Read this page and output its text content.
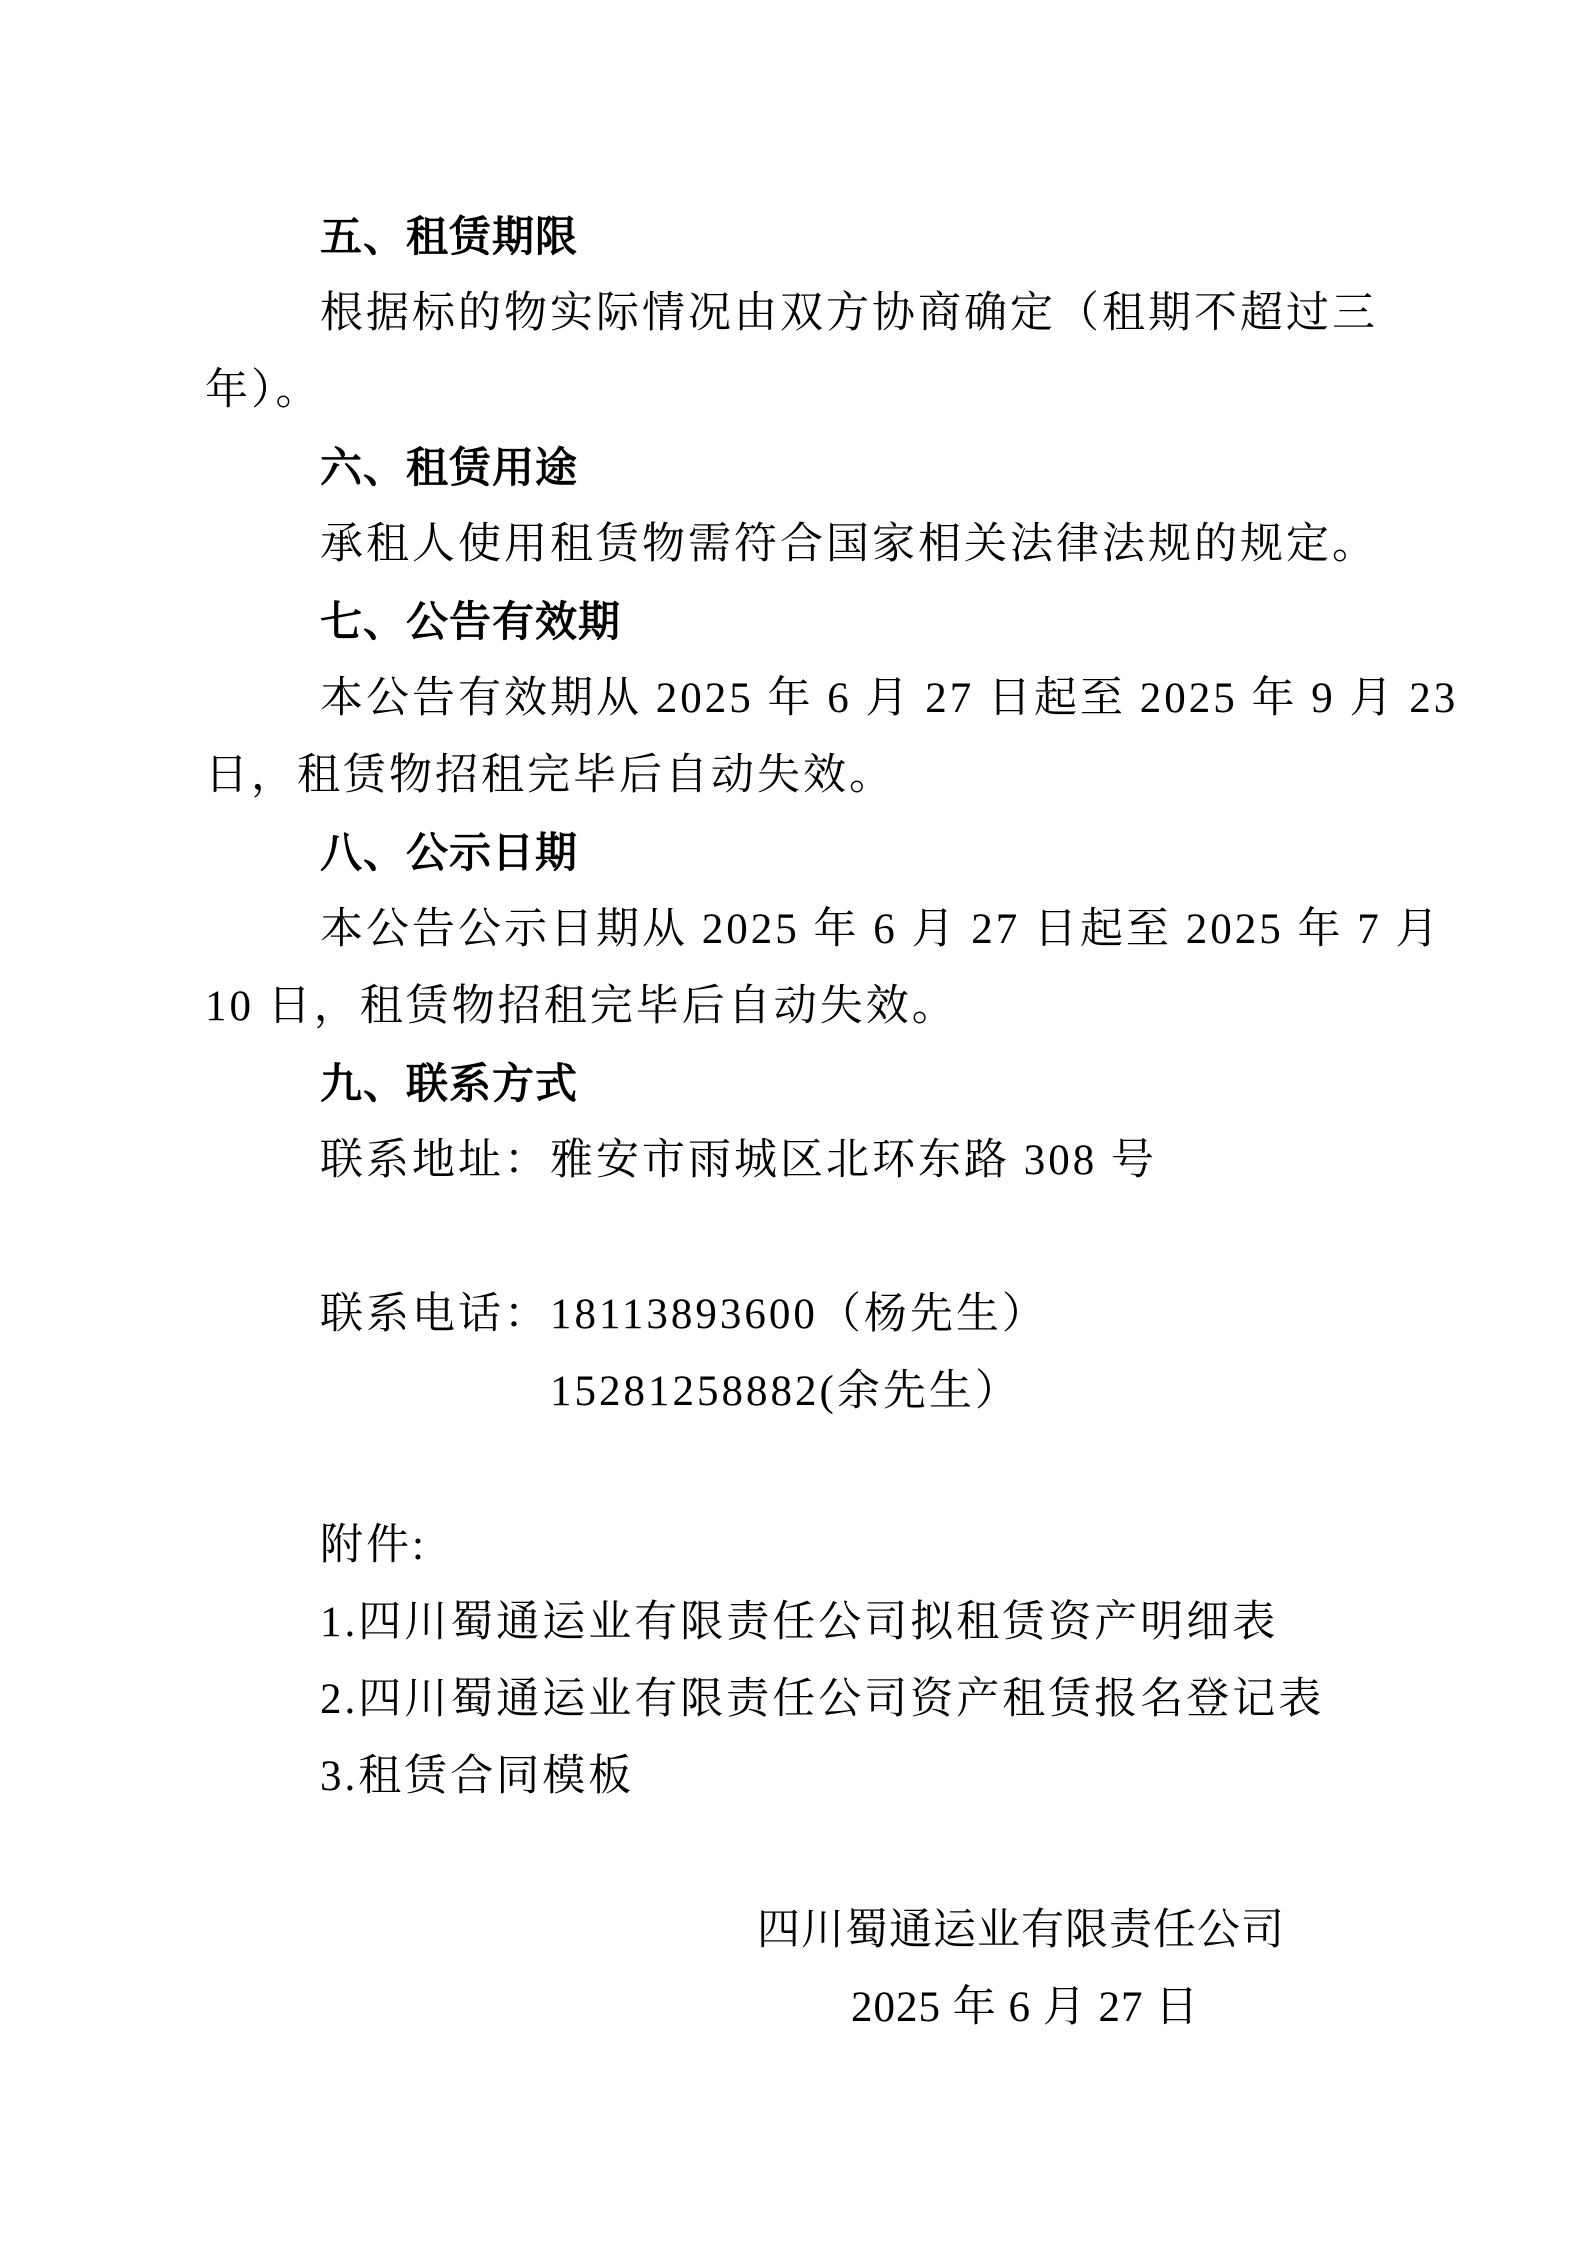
五、租赁期限
根据标的物实际情况由双方协商确定（租期不超过三
年）。
六、租赁用途
承租人使用租赁物需符合国家相关法律法规的规定。
七、公告有效期
本公告有效期从 2025 年 6 月 27 日起至 2025 年 9 月 23
日，租赁物招租完毕后自动失效。
八、公示日期
本公告公示日期从 2025 年 6 月 27 日起至 2025 年 7 月
10 日，租赁物招租完毕后自动失效。
九、联系方式
联系地址：雅安市雨城区北环东路 308 号
联系电话：18113893600（杨先生）
15281258882(余先生）
附件:
1.四川蜀通运业有限责任公司拟租赁资产明细表
2.四川蜀通运业有限责任公司资产租赁报名登记表
3.租赁合同模板
四川蜀通运业有限责任公司
2025 年 6 月 27 日
